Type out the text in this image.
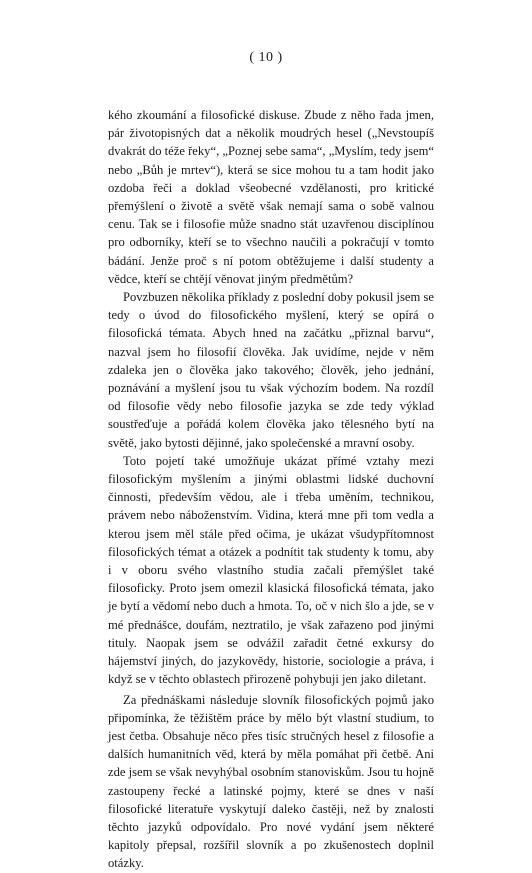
( 10 )

kého zkoumání a filosofické diskuse. Zbude z něho řada jmen, pár životopisných dat a několik moudrých hesel („Nevstoupíš dvakrát do téže řeky“, „Poznej sebe sama“, „Myslím, tedy jsem“ nebo „Bůh je mrtev“), která se sice mohou tu a tam hodit jako ozdoba řeči a doklad všeobecné vzdělanosti, pro kritické přemýšlení o životě a světě však nemají sama o sobě valnou cenu. Tak se i filosofie může snadno stát uzavřenou disciplínou pro odborníky, kteří se to všechno naučili a pokračují v tomto bádání. Jenže proč s ní potom obtěžujeme i další studenty a vědce, kteří se chtějí věnovat jiným předmětům?

Povzbuzen několika příklady z poslední doby pokusil jsem se tedy o úvod do filosofického myšlení, který se opírá o filosofická témata. Abych hned na začátku „přiznal barvu“, nazval jsem ho filosofií člověka. Jak uvidíme, nejde v něm zdaleka jen o člověka jako takového; člověk, jeho jednání, poznávání a myšlení jsou tu však výchozím bodem. Na rozdíl od filosofie vědy nebo filosofie jazyka se zde tedy výklad soustřeďuje a pořádá kolem člověka jako tělesného bytí na světě, jako bytosti dějinné, jako společenské a mravní osoby.

Toto pojetí také umožňuje ukázat přímé vztahy mezi filosofickým myšlením a jinými oblastmi lidské duchovní činnosti, především vědou, ale i třeba uměním, technikou, právem nebo náboženstvím. Vidina, která mne při tom vedla a kterou jsem měl stále před očima, je ukázat všudypřítomnost filosofických témat a otázek a podnítit tak studenty k tomu, aby i v oboru svého vlastního studia začali přemýšlet také filosoficky. Proto jsem omezil klasická filosofická témata, jako je bytí a vědomí nebo duch a hmota. To, oč v nich šlo a jde, se v mé přednášce, doufám, neztratilo, je však zařazeno pod jinými tituly. Naopak jsem se odvážil zařadit četné exkursy do hájemství jiných, do jazykovědy, historie, sociologie a práva, i když se v těchto oblastech přirozeně pohybuji jen jako diletant.

Za přednáškami následuje slovník filosofických pojmů jako připomínka, že těžištěm práce by mělo být vlastní studium, to jest četba. Obsahuje něco přes tisíc stručných hesel z filosofie a dalších humanitních věd, která by měla pomáhat při četbě. Ani zde jsem se však nevyhýbal osobním stanoviskům. Jsou tu hojně zastoupeny řecké a latinské pojmy, které se dnes v naší filosofické literatuře vyskytují daleko častěji, než by znalosti těchto jazyků odpovídalo. Pro nové vydání jsem některé kapitoly přepsal, rozšířil slovník a po zkušenostech doplnil otázky.
